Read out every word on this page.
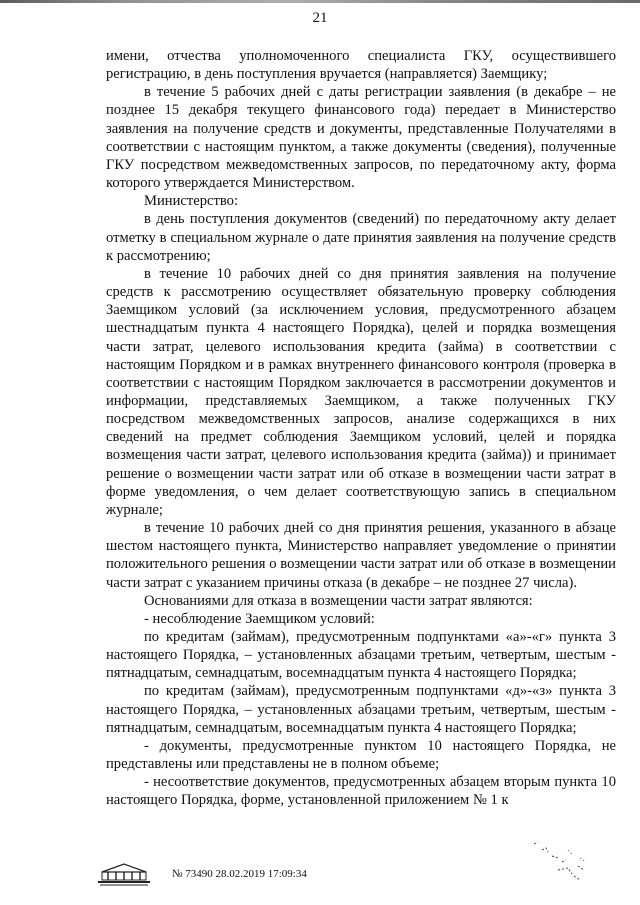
21

имени, отчества уполномоченного специалиста ГКУ, осуществившего регистрацию, в день поступления вручается (направляется) Заемщику;

в течение 5 рабочих дней с даты регистрации заявления (в декабре – не позднее 15 декабря текущего финансового года) передает в Министерство заявления на получение средств и документы, представленные Получателями в соответствии с настоящим пунктом, а также документы (сведения), полученные ГКУ посредством межведомственных запросов, по передаточному акту, форма которого утверждается Министерством.

Министерство:

в день поступления документов (сведений) по передаточному акту делает отметку в специальном журнале о дате принятия заявления на получение средств к рассмотрению;

в течение 10 рабочих дней со дня принятия заявления на получение средств к рассмотрению осуществляет обязательную проверку соблюдения Заемщиком условий (за исключением условия, предусмотренного абзацем шестнадцатым пункта 4 настоящего Порядка), целей и порядка возмещения части затрат, целевого использования кредита (займа) в соответствии с настоящим Порядком и в рамках внутреннего финансового контроля (проверка в соответствии с настоящим Порядком заключается в рассмотрении документов и информации, представляемых Заемщиком, а также полученных ГКУ посредством межведомственных запросов, анализе содержащихся в них сведений на предмет соблюдения Заемщиком условий, целей и порядка возмещения части затрат, целевого использования кредита (займа)) и принимает решение о возмещении части затрат или об отказе в возмещении части затрат в форме уведомления, о чем делает соответствующую запись в специальном журнале;

в течение 10 рабочих дней со дня принятия решения, указанного в абзаце шестом настоящего пункта, Министерство направляет уведомление о принятии положительного решения о возмещении части затрат или об отказе в возмещении части затрат с указанием причины отказа (в декабре – не позднее 27 числа).

Основаниями для отказа в возмещении части затрат являются:

- несоблюдение Заемщиком условий:

по кредитам (займам), предусмотренным подпунктами «а»-«г» пункта 3 настоящего Порядка, – установленных абзацами третьим, четвертым, шестым - пятнадцатым, семнадцатым, восемнадцатым пункта 4 настоящего Порядка;

по кредитам (займам), предусмотренным подпунктами «д»-«з» пункта 3 настоящего Порядка, – установленных абзацами третьим, четвертым, шестым - пятнадцатым, семнадцатым, восемнадцатым пункта 4 настоящего Порядка;

- документы, предусмотренные пунктом 10 настоящего Порядка, не представлены или представлены не в полном объеме;

- несоответствие документов, предусмотренных абзацем вторым пункта 10 настоящего Порядка, форме, установленной приложением № 1 к

№ 73490 28.02.2019 17:09:34
